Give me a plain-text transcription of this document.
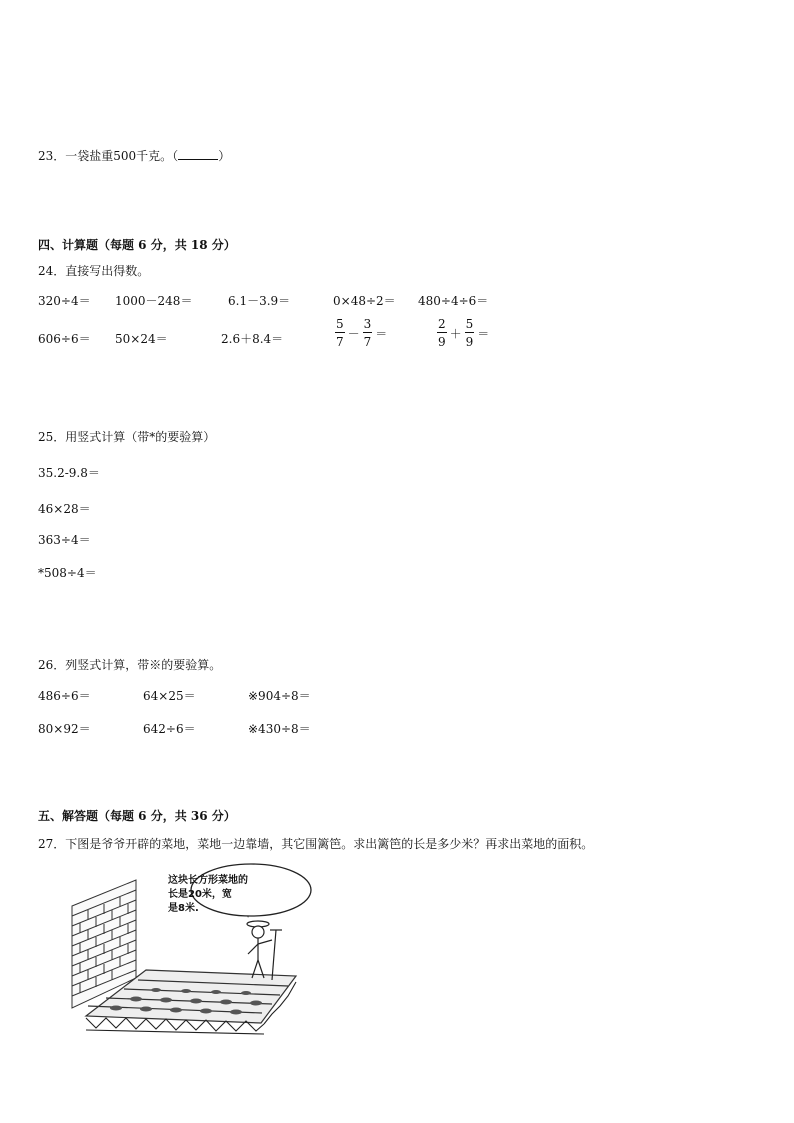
23．一袋盐重500千克。（	）
四、计算题（每题 6 分，共 18 分）
24．直接写出得数。
320÷4＝ 1000－248＝	6.1－3.9＝	0×48÷2＝ 480÷4÷6＝
606÷6＝ 50×24＝	2.6＋8.4＝	$\frac{5}{7} - \frac{3}{7}$ ＝	$\frac{2}{9} + \frac{5}{9}$ ＝
25．用竖式计算（带*的要验算）
35.2-9.8＝
46×28＝
363÷4＝
*508÷4＝
26．列竖式计算，带※的要验算。
486÷6＝	64×25＝	※904÷8＝
80×92＝	642÷6＝	※430÷8＝
五、解答题（每题 6 分，共 36 分）
27．下图是爷爷开辟的菜地，菜地一边靠墙，其它围篱笆。求出篱笆的长是多少米？再求出菜地的面积。
这块长方形菜地的
长是20米，宽
是8米.
